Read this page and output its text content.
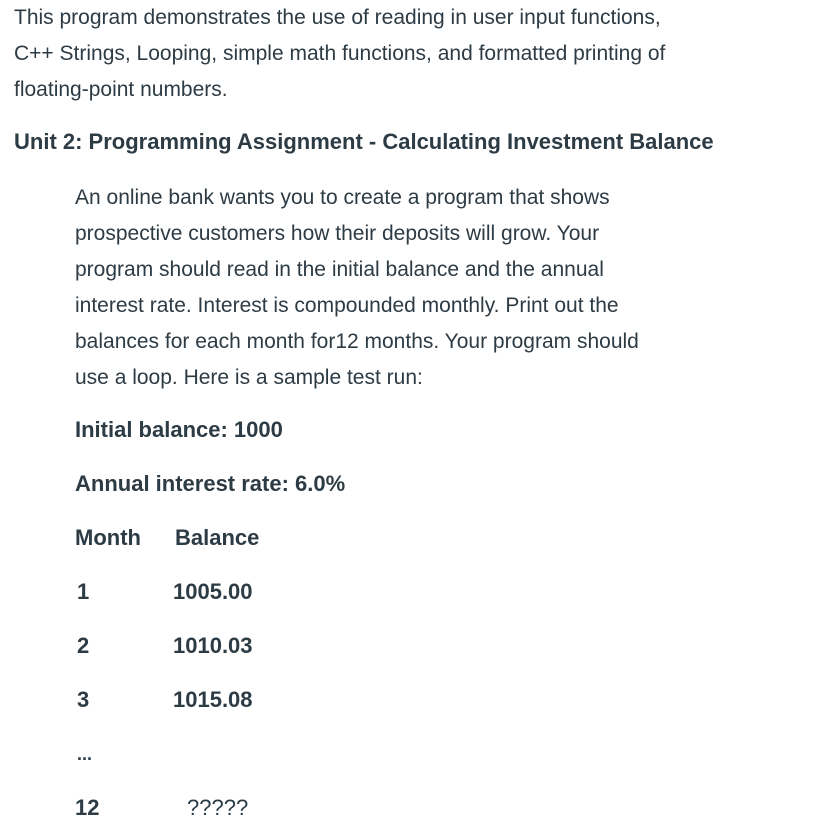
This program demonstrates the use of reading in user input functions,
C++ Strings, Looping, simple math functions, and formatted printing of
floating-point numbers.
Unit 2: Programming Assignment - Calculating Investment Balance
An online bank wants you to create a program that shows
prospective customers how their deposits will grow. Your
program should read in the initial balance and the annual
interest rate. Interest is compounded monthly. Print out the
balances for each month for12 months. Your program should
use a loop. Here is a sample test run:

Initial balance: 1000

Annual interest rate: 6.0%

Month Balance
1	1005.00
2	1010.03
3	1015.08
...
12	?????
